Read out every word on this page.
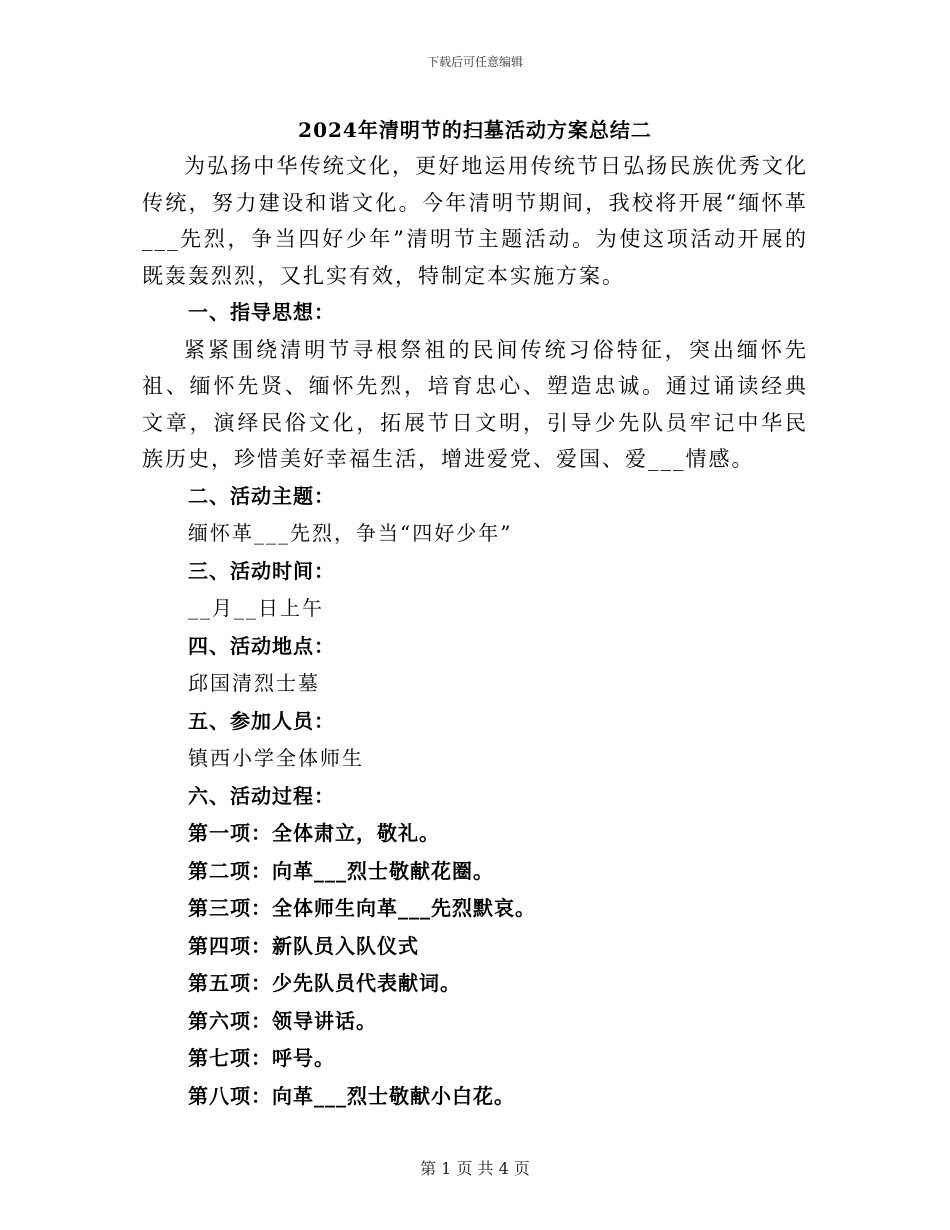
下载后可任意编辑
2024年清明节的扫墓活动方案总结二

为弘扬中华传统文化，更好地运用传统节日弘扬民族优秀文化传统，努力建设和谐文化。今年清明节期间，我校将开展“缅怀革___先烈，争当四好少年”清明节主题活动。为使这项活动开展的既轰轰烈烈，又扎实有效，特制定本实施方案。

一、指导思想：

紧紧围绕清明节寻根祭祖的民间传统习俗特征，突出缅怀先祖、缅怀先贤、缅怀先烈，培育忠心、塑造忠诚。通过诵读经典文章，演绎民俗文化，拓展节日文明，引导少先队员牢记中华民族历史，珍惜美好幸福生活，增进爱党、爱国、爱___情感。

二、活动主题：

缅怀革___先烈，争当“四好少年”

三、活动时间：

__月__日上午

四、活动地点：

邱国清烈士墓

五、参加人员：

镇西小学全体师生

六、活动过程：

第一项：全体肃立，敬礼。

第二项：向革___烈士敬献花圈。

第三项：全体师生向革___先烈默哀。

第四项：新队员入队仪式

第五项：少先队员代表献词。

第六项：领导讲话。

第七项：呼号。

第八项：向革___烈士敬献小白花。

第 1 页 共 4 页
